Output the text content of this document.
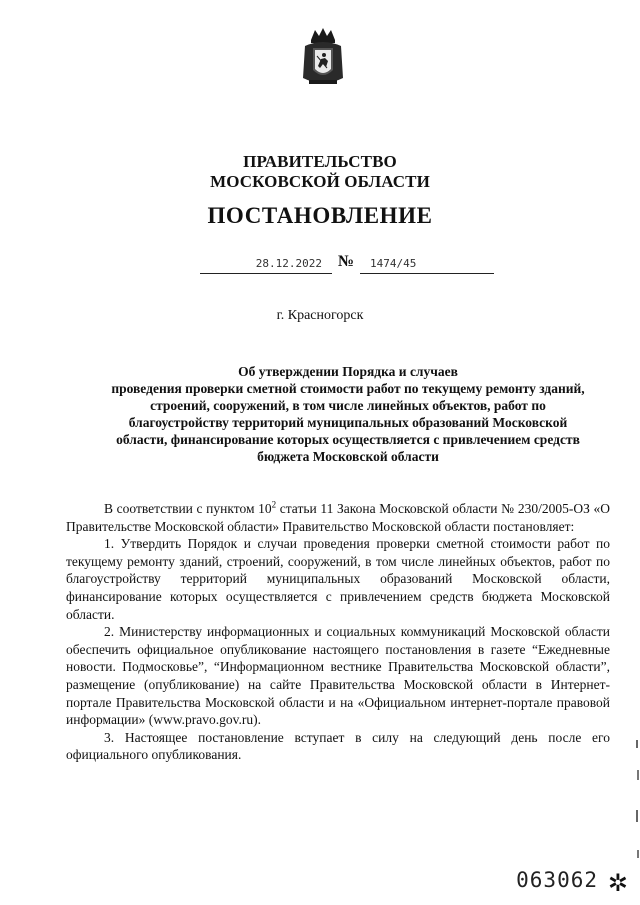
ПРАВИТЕЛЬСТВО
МОСКОВСКОЙ ОБЛАСТИ
ПОСТАНОВЛЕНИЕ
28.12.2022	№	1474/45
г. Красногорск
Об утверждении Порядка и случаев
проведения проверки сметной стоимости работ по текущему ремонту зданий,
строений, сооружений, в том числе линейных объектов, работ по
благоустройству территорий муниципальных образований Московской
области, финансирование которых осуществляется с привлечением средств
бюджета Московской области

В соответствии с пунктом $10^2$ статьи 11 Закона Московской области № 230/2005-ОЗ «О Правительстве Московской области» Правительство Московской области постановляет:

1. Утвердить Порядок и случаи проведения проверки сметной стоимости работ по текущему ремонту зданий, строений, сооружений, в том числе линейных объектов, работ по благоустройству территорий муниципальных образований Московской области, финансирование которых осуществляется с привлечением средств бюджета Московской области.

2. Министерству информационных и социальных коммуникаций Московской области обеспечить официальное опубликование настоящего постановления в газете “Ежедневные новости. Подмосковье”, “Информационном вестнике Правительства Московской области”, размещение (опубликование) на сайте Правительства Московской области в Интернет-портале Правительства Московской области и на «Официальном интернет-портале правовой информации» (www.pravo.gov.ru).

3. Настоящее постановление вступает в силу на следующий день после его официального опубликования.

063062 ✲
